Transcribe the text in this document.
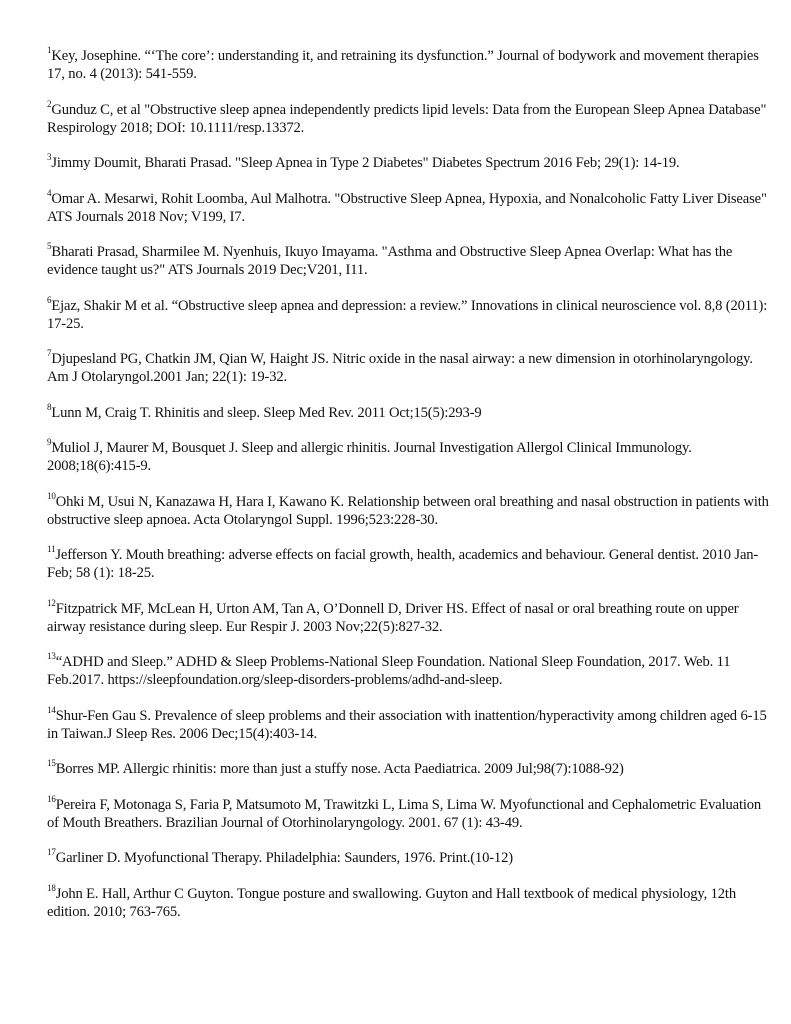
$^1$Key, Josephine. “‘The core’: understanding it, and retraining its dysfunction.” Journal of bodywork and movement therapies 17, no. 4 (2013): 541-559.
$^2$Gunduz C, et al "Obstructive sleep apnea independently predicts lipid levels: Data from the European Sleep Apnea Database" Respirology 2018; DOI: 10.1111/resp.13372.
$^3$Jimmy Doumit, Bharati Prasad. "Sleep Apnea in Type 2 Diabetes" Diabetes Spectrum 2016 Feb; 29(1): 14-19.
$^4$Omar A. Mesarwi, Rohit Loomba, Aul Malhotra. "Obstructive Sleep Apnea, Hypoxia, and Nonalcoholic Fatty Liver Disease" ATS Journals 2018 Nov; V199, I7.
$^5$Bharati Prasad, Sharmilee M. Nyenhuis, Ikuyo Imayama. "Asthma and Obstructive Sleep Apnea Overlap: What has the evidence taught us?" ATS Journals 2019 Dec;V201, I11.
$^6$Ejaz, Shakir M et al. “Obstructive sleep apnea and depression: a review.” Innovations in clinical neuroscience vol. 8,8 (2011): 17-25.
$^7$Djupesland PG, Chatkin JM, Qian W, Haight JS. Nitric oxide in the nasal airway: a new dimension in otorhinolaryngology. Am J Otolaryngol.2001 Jan; 22(1): 19-32.
$^8$Lunn M, Craig T. Rhinitis and sleep. Sleep Med Rev. 2011 Oct;15(5):293-9
$^9$Muliol J, Maurer M, Bousquet J. Sleep and allergic rhinitis. Journal Investigation Allergol Clinical Immunology. 2008;18(6):415-9.
$^{10}$Ohki M, Usui N, Kanazawa H, Hara I, Kawano K. Relationship between oral breathing and nasal obstruction in patients with obstructive sleep apnoea. Acta Otolaryngol Suppl. 1996;523:228-30.
$^{11}$Jefferson Y. Mouth breathing: adverse effects on facial growth, health, academics and behaviour. General dentist. 2010 Jan- Feb; 58 (1): 18-25.
$^{12}$Fitzpatrick MF, McLean H, Urton AM, Tan A, O’Donnell D, Driver HS. Effect of nasal or oral breathing route on upper airway resistance during sleep. Eur Respir J. 2003 Nov;22(5):827-32.
$^{13}$“ADHD and Sleep.” ADHD & Sleep Problems-National Sleep Foundation. National Sleep Foundation, 2017. Web. 11 Feb.2017. https://sleepfoundation.org/sleep-disorders-problems/adhd-and-sleep.
$^{14}$Shur-Fen Gau S. Prevalence of sleep problems and their association with inattention/hyperactivity among children aged 6-15 in Taiwan.J Sleep Res. 2006 Dec;15(4):403-14.
$^{15}$Borres MP. Allergic rhinitis: more than just a stuffy nose. Acta Paediatrica. 2009 Jul;98(7):1088-92)
$^{16}$Pereira F, Motonaga S, Faria P, Matsumoto M, Trawitzki L, Lima S, Lima W. Myofunctional and Cephalometric Evaluation of Mouth Breathers. Brazilian Journal of Otorhinolaryngology. 2001. 67 (1): 43-49.
$^{17}$Garliner D. Myofunctional Therapy. Philadelphia: Saunders, 1976. Print.(10-12)
$^{18}$John E. Hall, Arthur C Guyton. Tongue posture and swallowing. Guyton and Hall textbook of medical physiology, 12th edition. 2010; 763-765.
